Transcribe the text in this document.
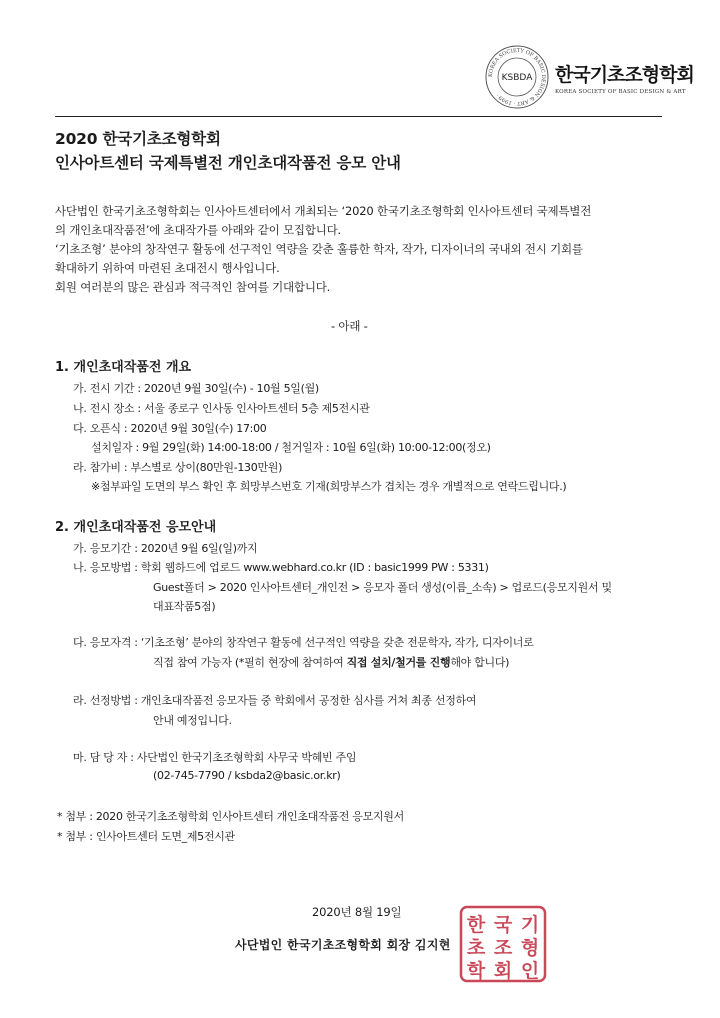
KOREA SOCIETY OF BASIC DESIGN & ART · 1999 ·
KSBDA 한국기초조형학회
KOREA SOCIETY OF BASIC DESIGN & ART
2020 한국기초조형학회
인사아트센터 국제특별전 개인초대작품전 응모 안내
사단법인 한국기초조형학회는 인사아트센터에서 개최되는 ‘2020 한국기초조형학회 인사아트센터 국제특별전
의 개인초대작품전’에 초대작가를 아래와 같이 모집합니다.
‘기초조형’ 분야의 창작연구 활동에 선구적인 역량을 갖춘 훌륭한 학자, 작가, 디자이너의 국내외 전시 기회를
확대하기 위하여 마련된 초대전시 행사입니다.
회원 여러분의 많은 관심과 적극적인 참여를 기대합니다.
- 아래 -
1. 개인초대작품전 개요
가. 전시 기간 : 2020년 9월 30일(수) - 10월 5일(월)
나. 전시 장소 : 서울 종로구 인사동 인사아트센터 5층 제5전시관
다. 오픈식 : 2020년 9월 30일(수) 17:00
설치일자 : 9월 29일(화) 14:00-18:00 / 철거일자 : 10월 6일(화) 10:00-12:00(정오)
라. 참가비 : 부스별로 상이(80만원-130만원)
※첨부파일 도면의 부스 확인 후 희망부스번호 기재(희망부스가 겹치는 경우 개별적으로 연락드립니다.)
2. 개인초대작품전 응모안내
가. 응모기간 : 2020년 9월 6일(일)까지
나. 응모방법 : 학회 웹하드에 업로드 www.webhard.co.kr (ID : basic1999 PW : 5331)
Guest폴더 > 2020 인사아트센터_개인전 > 응모자 폴더 생성(이름_소속) > 업로드(응모지원서 및
대표작품5점)
다. 응모자격 : ‘기초조형’ 분야의 창작연구 활동에 선구적인 역량을 갖춘 전문학자, 작가, 디자이너로
직접 참여 가능자 (*필히 현장에 참여하여 직접 설치/철거를 진행해야 합니다)
라. 선정방법 : 개인초대작품전 응모자들 중 학회에서 공정한 심사를 거쳐 최종 선정하여
안내 예정입니다.
마. 담 당 자 : 사단법인 한국기초조형학회 사무국 박혜빈 주임
(02-745-7790 / ksbda2@basic.or.kr)
* 첨부 : 2020 한국기초조형학회 인사아트센터 개인초대작품전 응모지원서
* 첨부 : 인사아트센터 도면_제5전시관
2020년 8월 19일
사단법인 한국기초조형학회 회장 김지현
한 국 기
초 조 형
학 회 인
